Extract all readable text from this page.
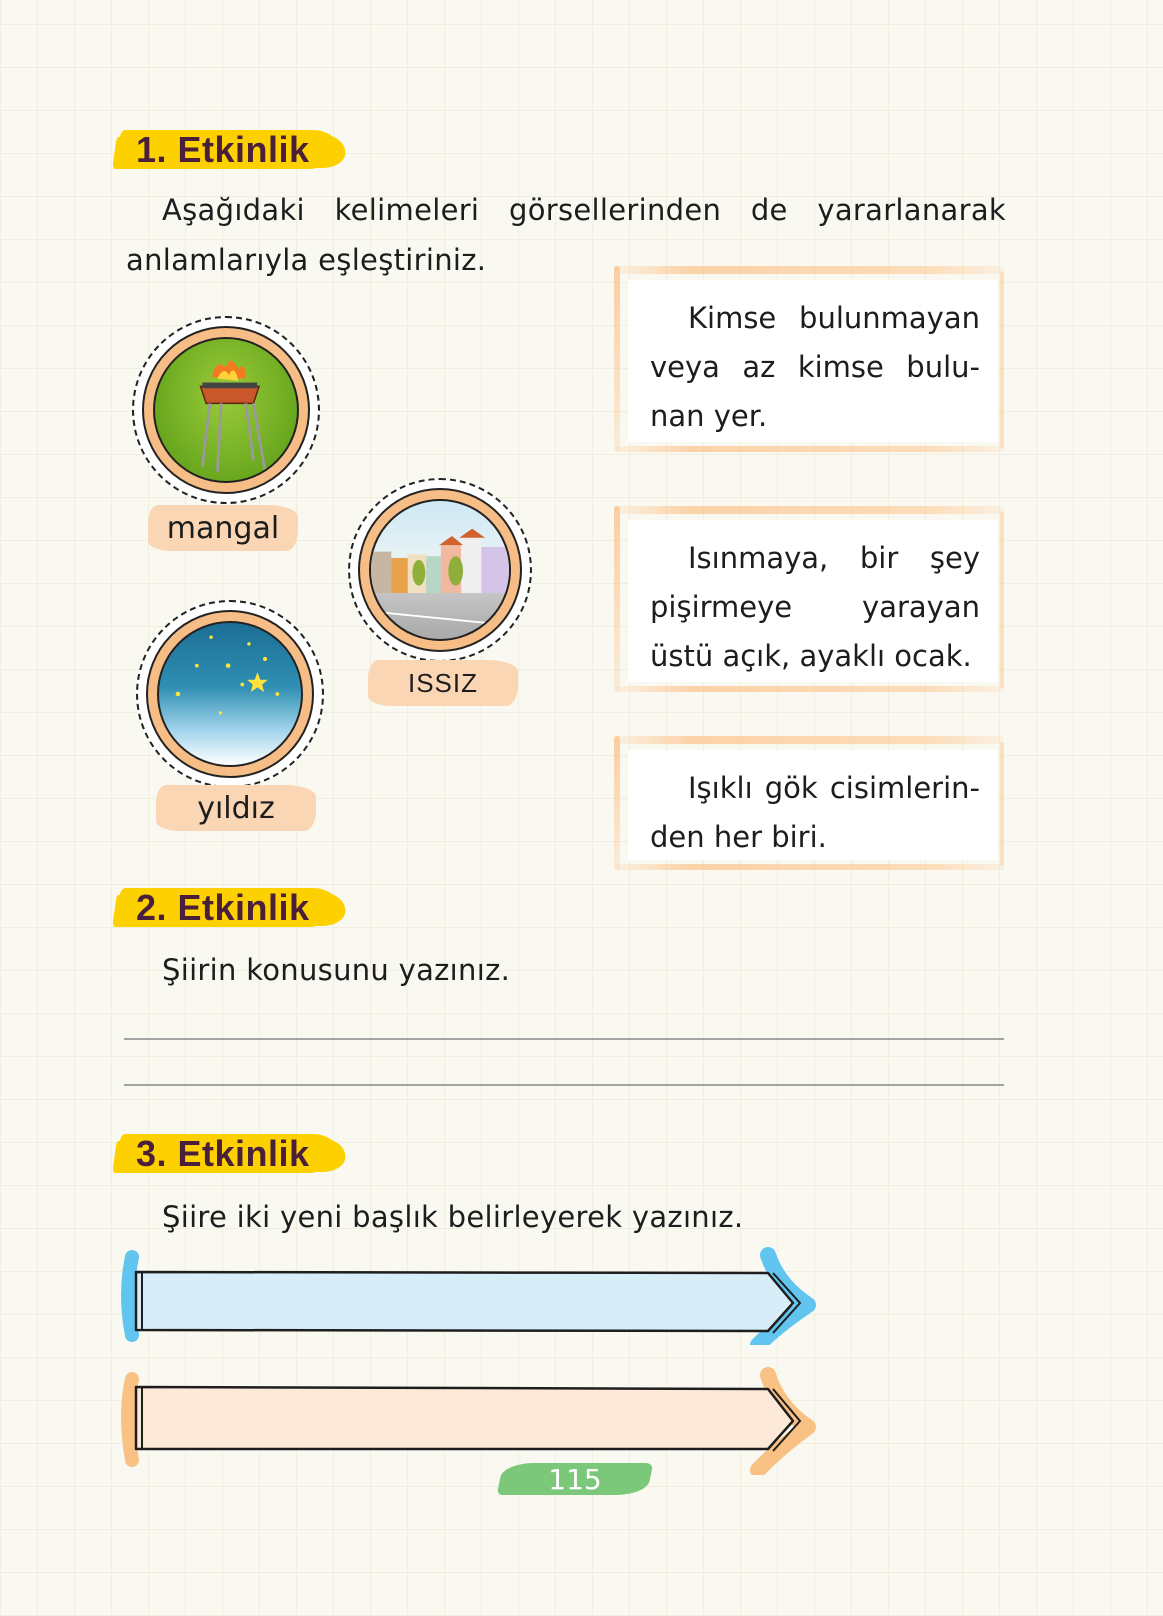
1. Etkinlik
Aşağıdaki kelimeleri görsellerinden de yararlanarak
anlamlarıyla eşleştiriniz.
mangal
ISSIZ
yıldız

Kimse bulunmayan veya az kimse bulu- nan yer.

Isınmaya, bir şey pişirmeye yarayan üstü açık, ayaklı ocak.

Işıklı gök cisimlerin- den her biri.

2. Etkinlik
Şiirin konusunu yazınız.
3. Etkinlik
Şiire iki yeni başlık belirleyerek yazınız.
115
